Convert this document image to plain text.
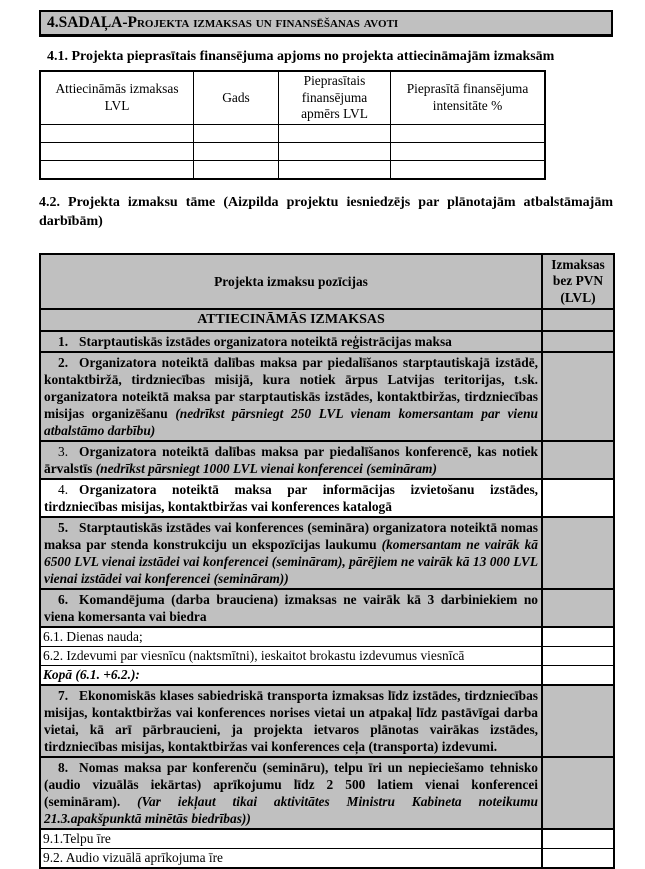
4.SADAĻA-Projekta izmaksas un finansēšanas avoti
4.1. Projekta pieprasītais finansējuma apjoms no projekta attiecināmajām izmaksām
Attiecināmās izmaksas LVL	Gads	Pieprasītais finansējuma apmērs LVL	Pieprasītā finansējuma intensitāte %

4.2. Projekta izmaksu tāme (Aizpilda projektu iesniedzējs par plānotajām atbalstāmajām darbībām)
Projekta izmaksu pozīcijas	Izmaksas bez PVN (LVL)
ATTIECINĀMĀS IZMAKSAS	

1. Starptautiskās izstādes organizatora noteiktā reģistrācijas maksa	

2. Organizatora noteiktā dalības maksa par piedalīšanos starptautiskajā izstādē, kontaktbiržā, tirdzniecības misijā, kura notiek ārpus Latvijas teritorijas, t.sk. organizatora noteiktā maksa par starptautiskās izstādes, kontaktbiržas, tirdzniecības misijas organizēšanu (nedrīkst pārsniegt 250 LVL vienam komersantam par vienu atbalstāmo darbību)	

3. Organizatora noteiktā dalības maksa par piedalīšanos konferencē, kas notiek ārvalstīs (nedrīkst pārsniegt 1000 LVL vienai konferencei (semināram)	

4. Organizatora noteiktā maksa par informācijas izvietošanu izstādes, tirdzniecības misijas, kontaktbiržas vai konferences katalogā	

5. Starptautiskās izstādes vai konferences (semināra) organizatora noteiktā nomas maksa par stenda konstrukciju un ekspozīcijas laukumu (komersantam ne vairāk kā 6500 LVL vienai izstādei vai konferencei (semināram), pārējiem ne vairāk kā 13 000 LVL vienai izstādei vai konferencei (semināram))	

6. Komandējuma (darba brauciena) izmaksas ne vairāk kā 3 darbiniekiem no viena komersanta vai biedra	

6.1. Dienas nauda;	
6.2. Izdevumi par viesnīcu (naktsmītni), ieskaitot brokastu izdevumus viesnīcā	
Kopā (6.1. +6.2.):	

7. Ekonomiskās klases sabiedriskā transporta izmaksas līdz izstādes, tirdzniecības misijas, kontaktbiržas vai konferences norises vietai un atpakaļ līdz pastāvīgai darba vietai, kā arī pārbraucieni, ja projekta ietvaros plānotas vairākas izstādes, tirdzniecības misijas, kontaktbiržas vai konferences ceļa (transporta) izdevumi.	

8. Nomas maksa par konferenču (semināru), telpu īri un nepieciešamo tehnisko (audio vizuālās iekārtas) aprīkojumu līdz 2 500 latiem vienai konferencei (semināram). (Var iekļaut tikai aktivitātes Ministru Kabineta noteikumu 21.3.apakšpunktā minētās biedrības))	

9.1.Telpu īre	
9.2. Audio vizuālā aprīkojuma īre	
